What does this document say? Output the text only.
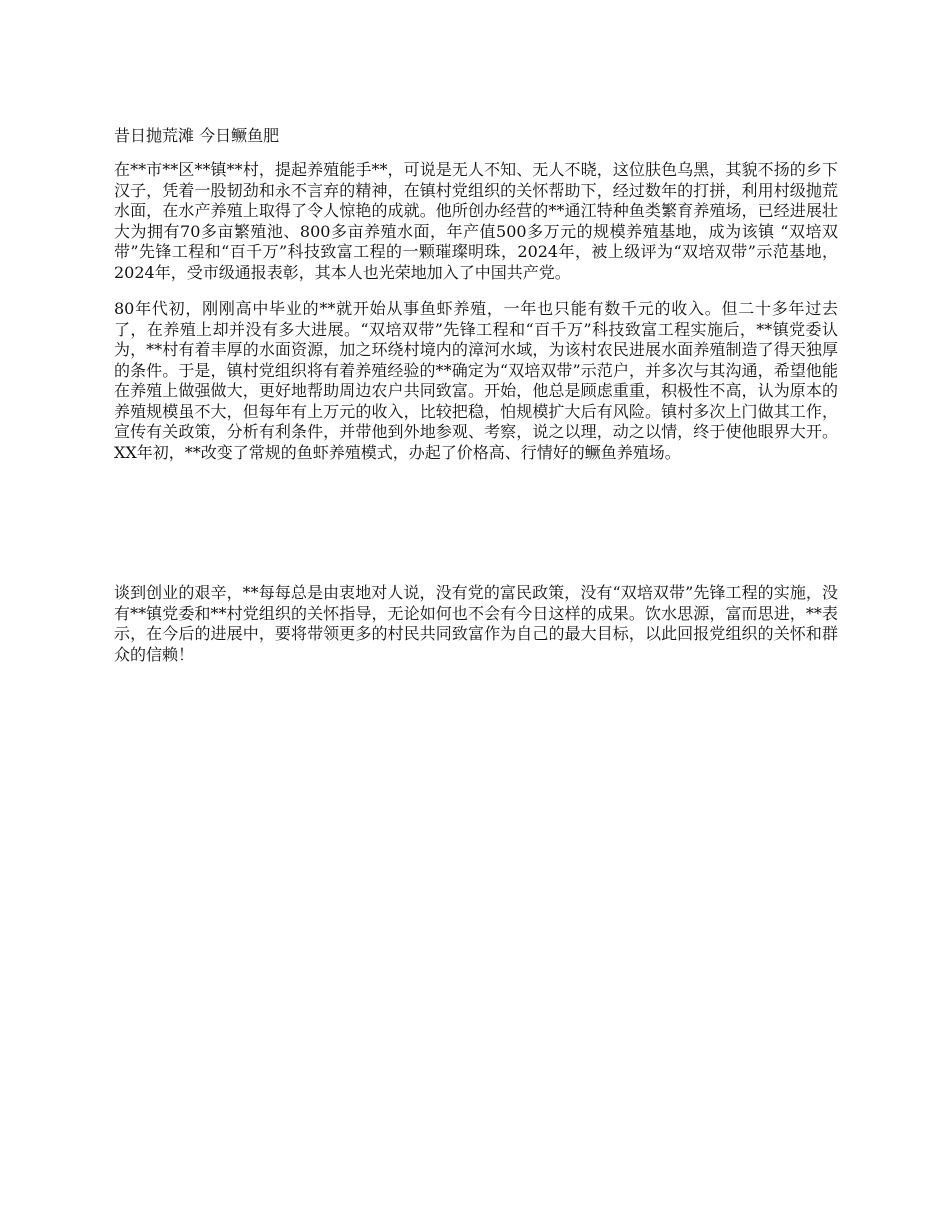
昔日抛荒滩 今日鳜鱼肥

在**市**区**镇**村，提起养殖能手**，可说是无人不知、无人不晓，这位肤色乌黑，其貌不扬的乡下汉子，凭着一股韧劲和永不言弃的精神，在镇村党组织的关怀帮助下，经过数年的打拼，利用村级抛荒水面，在水产养殖上取得了令人惊艳的成就。他所创办经营的**通江特种鱼类繁育养殖场，已经进展壮大为拥有70多亩繁殖池、800多亩养殖水面，年产值500多万元的规模养殖基地，成为该镇 “双培双带”先锋工程和“百千万”科技致富工程的一颗璀璨明珠，2024年，被上级评为“双培双带”示范基地，2024年，受市级通报表彰，其本人也光荣地加入了中国共产党。

80年代初，刚刚高中毕业的**就开始从事鱼虾养殖，一年也只能有数千元的收入。但二十多年过去了，在养殖上却并没有多大进展。“双培双带”先锋工程和“百千万”科技致富工程实施后，**镇党委认为，**村有着丰厚的水面资源，加之环绕村境内的漳河水域，为该村农民进展水面养殖制造了得天独厚的条件。于是，镇村党组织将有着养殖经验的**确定为“双培双带”示范户，并多次与其沟通，希望他能在养殖上做强做大，更好地帮助周边农户共同致富。开始，他总是顾虑重重，积极性不高，认为原本的养殖规模虽不大，但每年有上万元的收入，比较把稳，怕规模扩大后有风险。镇村多次上门做其工作，宣传有关政策，分析有利条件，并带他到外地参观、考察，说之以理，动之以情，终于使他眼界大开。XX年初，**改变了常规的鱼虾养殖模式，办起了价格高、行情好的鳜鱼养殖场。

谈到创业的艰辛，**每每总是由衷地对人说，没有党的富民政策，没有“双培双带”先锋工程的实施，没有**镇党委和**村党组织的关怀指导，无论如何也不会有今日这样的成果。饮水思源，富而思进，**表示，在今后的进展中，要将带领更多的村民共同致富作为自己的最大目标，以此回报党组织的关怀和群众的信赖！
